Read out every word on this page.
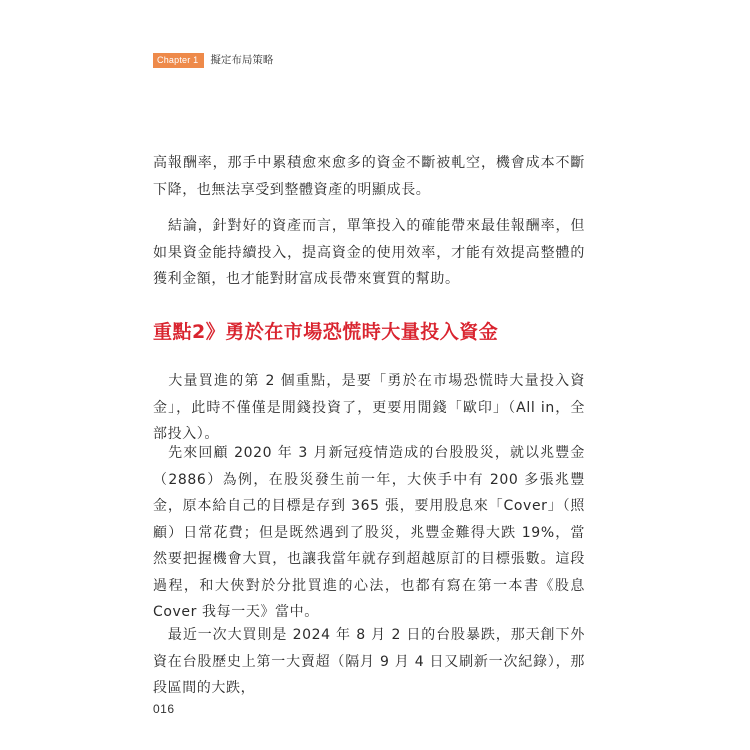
Chapter 1	擬定布局策略

高報酬率，那手中累積愈來愈多的資金不斷被軋空，機會成本不斷下降，也無法享受到整體資產的明顯成長。

　結論，針對好的資產而言，單筆投入的確能帶來最佳報酬率，但如果資金能持續投入，提高資金的使用效率，才能有效提高整體的獲利金額，也才能對財富成長帶來實質的幫助。

重點2》勇於在市場恐慌時大量投入資金

　大量買進的第 2 個重點，是要「勇於在市場恐慌時大量投入資金」，此時不僅僅是閒錢投資了，更要用閒錢「歐印」（All in，全部投入）。

　先來回顧 2020 年 3 月新冠疫情造成的台股股災，就以兆豐金（2886）為例，在股災發生前一年，大俠手中有 200 多張兆豐金，原本給自己的目標是存到 365 張，要用股息來「Cover」（照顧）日常花費；但是既然遇到了股災，兆豐金難得大跌 19%，當然要把握機會大買，也讓我當年就存到超越原訂的目標張數。這段過程，和大俠對於分批買進的心法，也都有寫在第一本書《股息 Cover 我每一天》當中。

　最近一次大買則是 2024 年 8 月 2 日的台股暴跌，那天創下外資在台股歷史上第一大賣超（隔月 9 月 4 日又刷新一次紀錄），那段區間的大跌，

016
